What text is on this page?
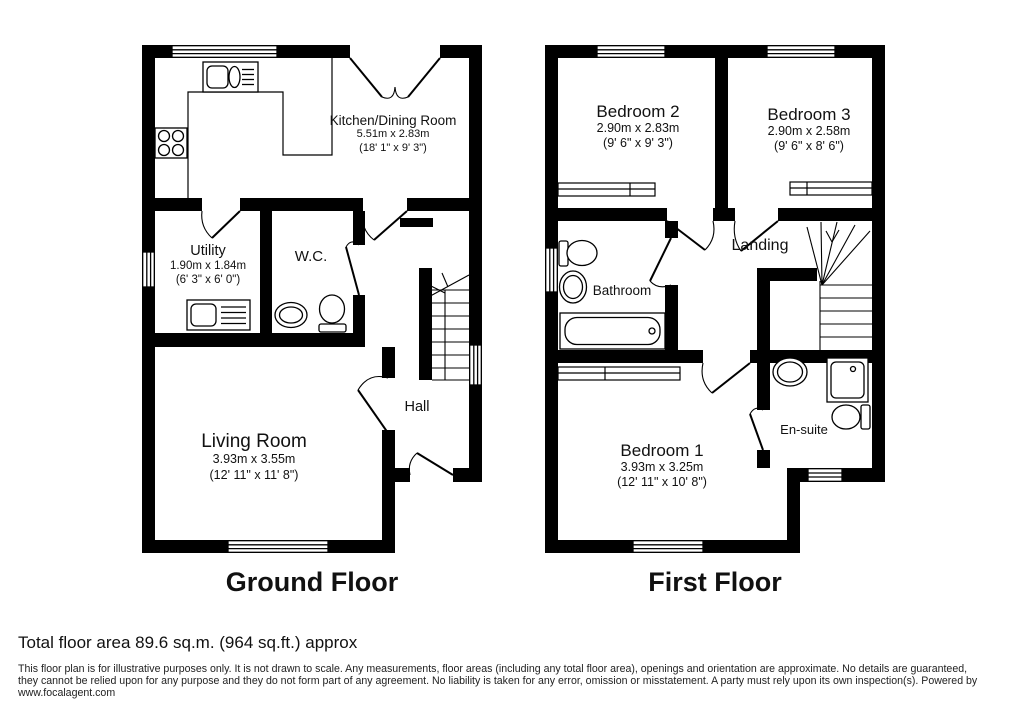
Kitchen/Dining Room
5.51m x 2.83m
(18' 1" x 9' 3")
Utility
1.90m x 1.84m
(6' 3" x 6' 0")
W.C.
Hall
Living Room
3.93m x 3.55m
(12' 11" x 11' 8")
Bedroom 2
2.90m x 2.83m
(9' 6" x 9' 3")
Bedroom 3
2.90m x 2.58m
(9' 6" x 8' 6")
Bathroom
Landing
En-suite
Bedroom 1
3.93m x 3.25m
(12' 11" x 10' 8")
Ground Floor	First Floor

Total floor area 89.6 sq.m. (964 sq.ft.) approx

This floor plan is for illustrative purposes only. It is not drawn to scale. Any measurements, floor areas (including any total floor area), openings and orientation are approximate. No details are guaranteed,
they cannot be relied upon for any purpose and they do not form part of any agreement. No liability is taken for any error, omission or misstatement. A party must rely upon its own inspection(s). Powered by
www.focalagent.com
